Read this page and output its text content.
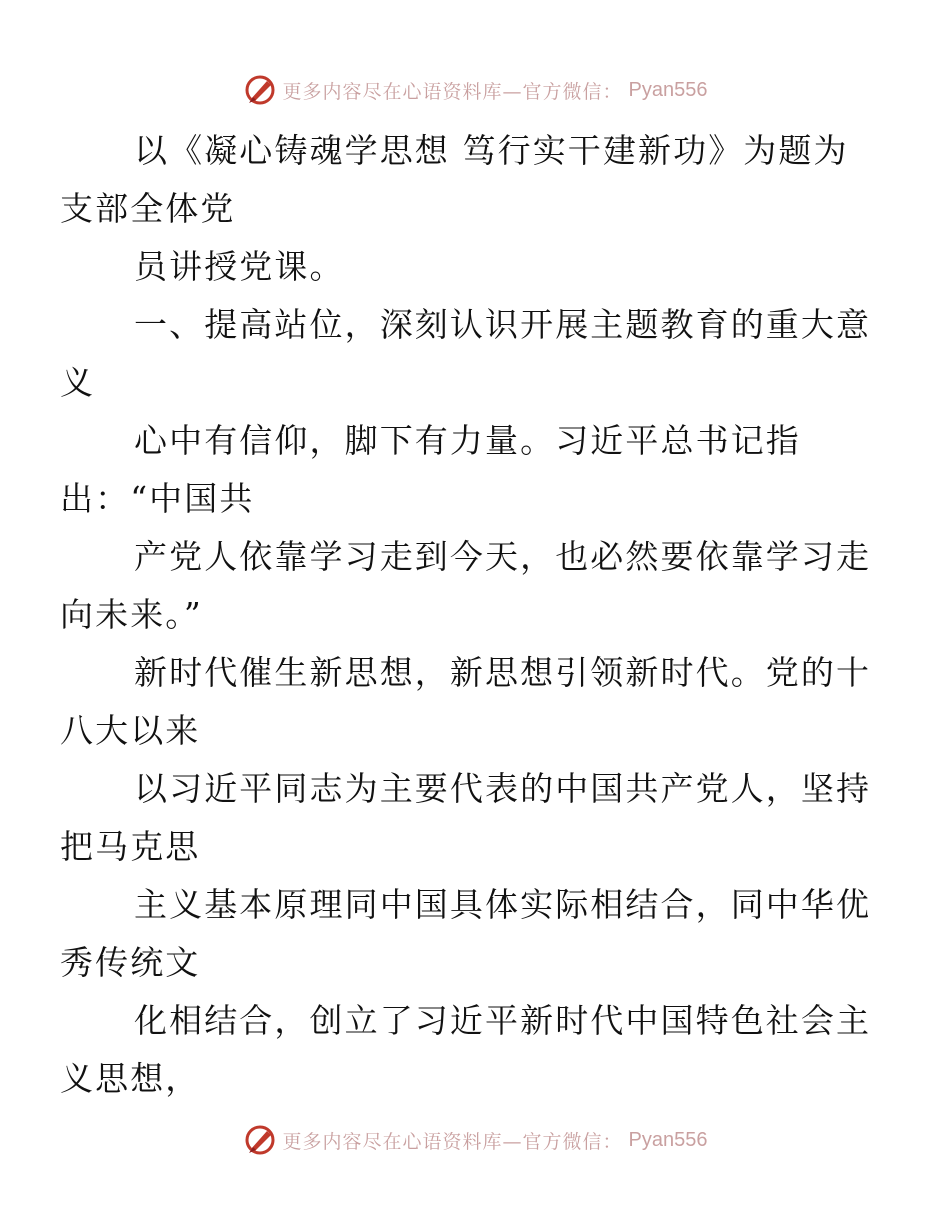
更多内容尽在心语资料库—官方微信： Pyan556

以《凝心铸魂学思想 笃行实干建新功》为题为
支部全体党

员讲授党课。

一、提高站位，深刻认识开展主题教育的重大意
义

心中有信仰，脚下有力量。习近平总书记指
出：“中国共

产党人依靠学习走到今天，也必然要依靠学习走
向未来。”

新时代催生新思想，新思想引领新时代。党的十
八大以来

以习近平同志为主要代表的中国共产党人，坚持
把马克思

主义基本原理同中国具体实际相结合，同中华优
秀传统文

化相结合，创立了习近平新时代中国特色社会主
义思想，

更多内容尽在心语资料库—官方微信： Pyan556
